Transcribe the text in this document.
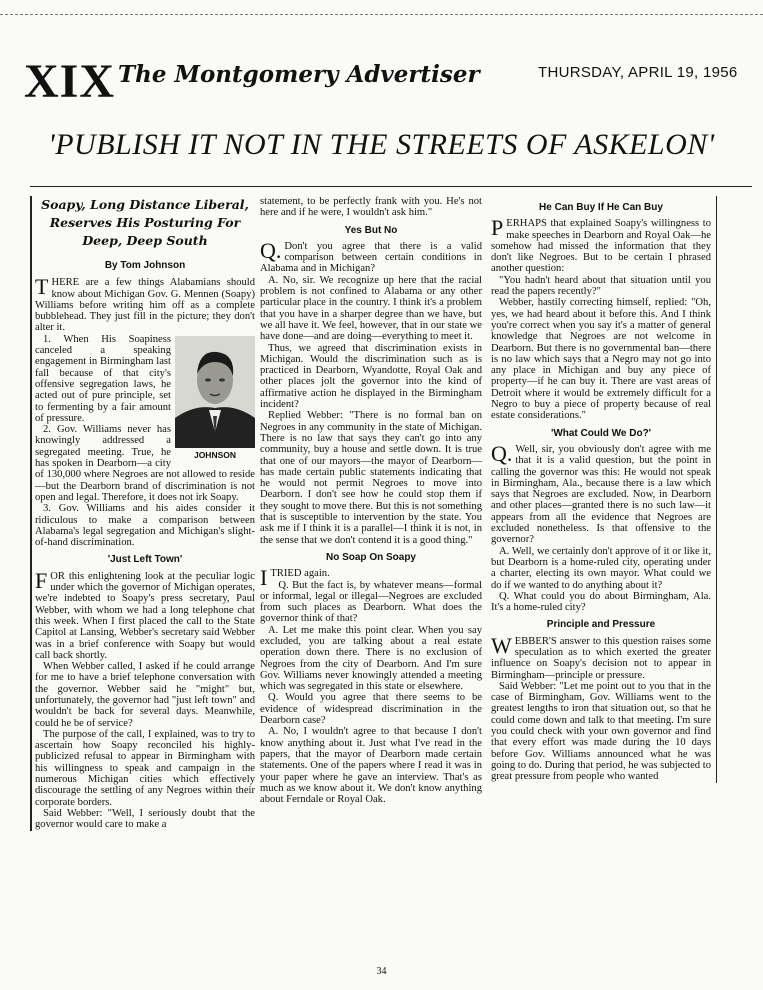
XIX The Montgomery Advertiser	THURSDAY, APRIL 19, 1956
'PUBLISH IT NOT IN THE STREETS OF ASKELON'
Soapy, Long Distance Liberal, Reserves His Posturing For Deep, Deep South
By Tom Johnson

THERE are a few things Alabamians should know about Michigan Gov. G. Mennen (Soapy) Williams before writing him off as a complete bubblehead. They just fill in the picture; they don't alter it.

JOHNSON

1. When His Soapiness canceled a speaking engagement in Birmingham last fall because of that city's offensive segregation laws, he acted out of pure principle, set to fermenting by a fair amount of pressure.

2. Gov. Williams never has knowingly addressed a segregated meeting. True, he has spoken in Dearborn—a city of 130,000 where Negroes are not allowed to reside—but the Dearborn brand of discrimination is not open and legal. Therefore, it does not irk Soapy.

3. Gov. Williams and his aides consider it ridiculous to make a comparison between Alabama's legal segregation and Michigan's slight-of-hand discrimination.

'Just Left Town'

FOR this enlightening look at the peculiar logic under which the governor of Michigan operates, we're indebted to Soapy's press secretary, Paul Webber, with whom we had a long telephone chat this week. When I first placed the call to the State Capitol at Lansing, Webber's secretary said Webber was in a brief conference with Soapy but would call back shortly.

When Webber called, I asked if he could arrange for me to have a brief telephone conversation with the governor. Webber said he "might" but, unfortunately, the governor had "just left town" and wouldn't be back for several days. Meanwhile, could he be of service?

The purpose of the call, I explained, was to try to ascertain how Soapy reconciled his highly-publicized refusal to appear in Birmingham with his willingness to speak and campaign in the numerous Michigan cities which effectively discourage the settling of any Negroes within their corporate borders.

Said Webber: "Well, I seriously doubt that the governor would care to make a

statement, to be perfectly frank with you. He's not here and if he were, I wouldn't ask him."

Yes But No

Q. Don't you agree that there is a valid comparison between certain conditions in Alabama and in Michigan?

A. No, sir. We recognize up here that the racial problem is not confined to Alabama or any other particular place in the country. I think it's a problem that you have in a sharper degree than we have, but we all have it. We feel, however, that in our state we have done—and are doing—everything to meet it.

Thus, we agreed that discrimination exists in Michigan. Would the discrimination such as is practiced in Dearborn, Wyandotte, Royal Oak and other places jolt the governor into the kind of affirmative action he displayed in the Birmingham incident?

Replied Webber: "There is no formal ban on Negroes in any community in the state of Michigan. There is no law that says they can't go into any community, buy a house and settle down. It is true that one of our mayors—the mayor of Dearborn—has made certain public statements indicating that he would not permit Negroes to move into Dearborn. I don't see how he could stop them if they sought to move there. But this is not something that is susceptible to intervention by the state. You ask me if I think it is a parallel—I think it is not, in the sense that we don't contend it is a good thing."

No Soap On Soapy

ITRIED again.

Q. But the fact is, by whatever means—formal or informal, legal or illegal—Negroes are excluded from such places as Dearborn. What does the governor think of that?

A. Let me make this point clear. When you say excluded, you are talking about a real estate operation down there. There is no exclusion of Negroes from the city of Dearborn. And I'm sure Gov. Williams never knowingly attended a meeting which was segregated in this state or elsewhere.

Q. Would you agree that there seems to be evidence of widespread discrimination in the Dearborn case?

A. No, I wouldn't agree to that because I don't know anything about it. Just what I've read in the papers, that the mayor of Dearborn made certain statements. One of the papers where I read it was in your paper where he gave an interview. That's as much as we know about it. We don't know anything about Ferndale or Royal Oak.

He Can Buy If He Can Buy

PERHAPS that explained Soapy's willingness to make speeches in Dearborn and Royal Oak—he somehow had missed the information that they don't like Negroes. But to be certain I phrased another question:

"You hadn't heard about that situation until you read the papers recently?"

Webber, hastily correcting himself, replied: "Oh, yes, we had heard about it before this. And I think you're correct when you say it's a matter of general knowledge that Negroes are not welcome in Dearborn. But there is no governmental ban—there is no law which says that a Negro may not go into any place in Michigan and buy any piece of property—if he can buy it. There are vast areas of Detroit where it would be extremely difficult for a Negro to buy a piece of property because of real estate considerations."

'What Could We Do?'

Q. Well, sir, you obviously don't agree with me that it is a valid question, but the point in calling the governor was this: He would not speak in Birmingham, Ala., because there is a law which says that Negroes are excluded. Now, in Dearborn and other places—granted there is no such law—it appears from all the evidence that Negroes are excluded nonetheless. Is that offensive to the governor?

A. Well, we certainly don't approve of it or like it, but Dearborn is a home-ruled city, operating under a charter, electing its own mayor. What could we do if we wanted to do anything about it?

Q. What could you do about Birmingham, Ala. It's a home-ruled city?

Principle and Pressure

WEBBER'S answer to this question raises some speculation as to which exerted the greater influence on Soapy's decision not to appear in Birmingham—principle or pressure.

Said Webber: "Let me point out to you that in the case of Birmingham, Gov. Williams went to the greatest lengths to iron that situation out, so that he could come down and talk to that meeting. I'm sure you could check with your own governor and find that every effort was made during the 10 days before Gov. Williams announced what he was going to do. During that period, he was subjected to great pressure from people who wanted

34
